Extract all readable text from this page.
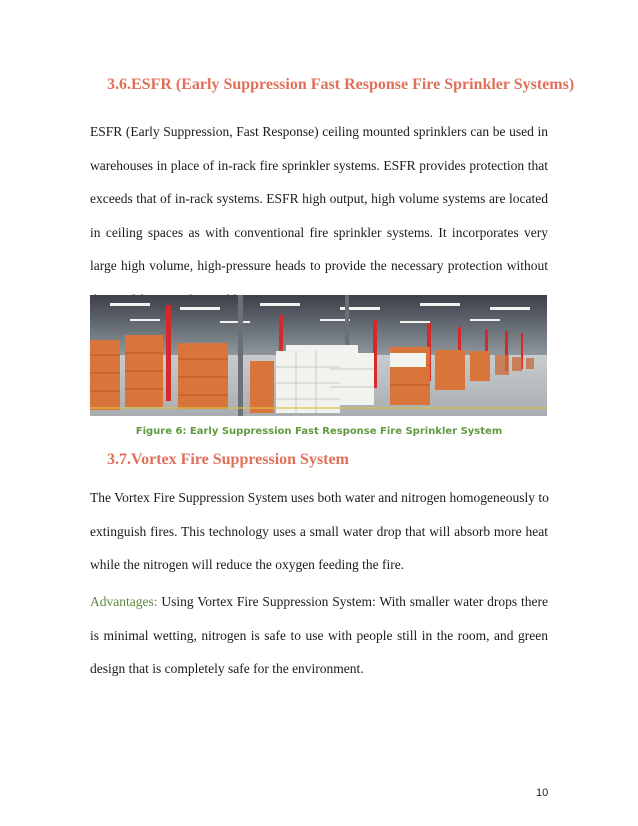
3.6.ESFR (Early Suppression Fast Response Fire Sprinkler Systems)

ESFR (Early Suppression, Fast Response) ceiling mounted sprinklers can be used in
warehouses in place of in-rack fire sprinkler systems. ESFR provides protection that
exceeds that of in-rack systems. ESFR high output, high volume systems are located
in ceiling spaces as with conventional fire sprinkler systems. It incorporates very
large high volume, high-pressure heads to provide the necessary protection without

Figure 6: Early Suppression Fast Response Fire Sprinkler System
3.7.Vortex Fire Suppression System

The Vortex Fire Suppression System uses both water and nitrogen homogeneously to
extinguish fires. This technology uses a small water drop that will absorb more heat
while the nitrogen will reduce the oxygen feeding the fire.

Advantages: Using Vortex Fire Suppression System: With smaller water drops there
is minimal wetting, nitrogen is safe to use with people still in the room, and green
design that is completely safe for the environment.

10
